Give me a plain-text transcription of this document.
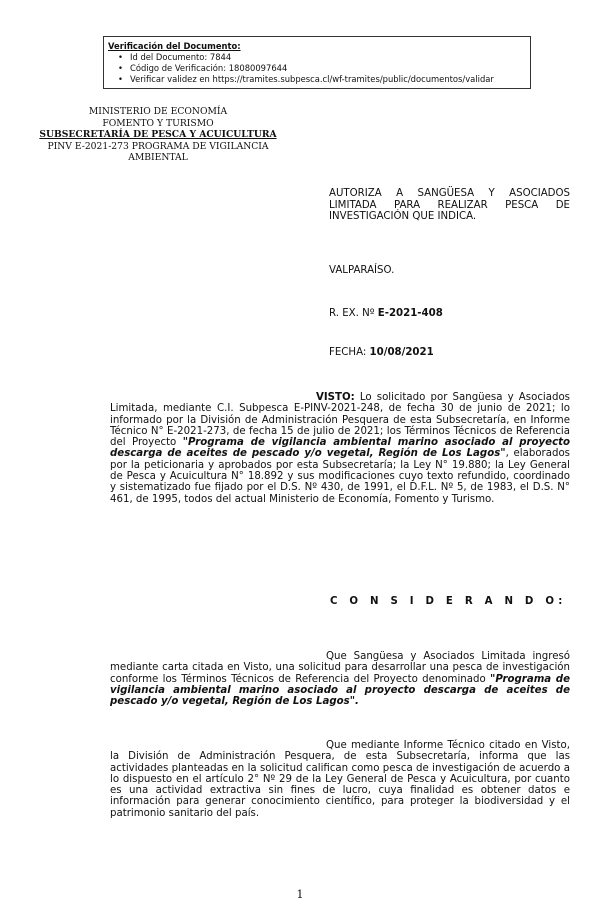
Verificación del Documento:
• Id del Documento: 7844
• Código de Verificación: 18080097644
• Verificar validez en https://tramites.subpesca.cl/wf-tramites/public/documentos/validar
MINISTERIO DE ECONOMÍA
FOMENTO Y TURISMO
SUBSECRETARÍA DE PESCA Y ACUICULTURA
PINV E-2021-273 PROGRAMA DE VIGILANCIA
AMBIENTAL
AUTORIZA A SANGÜESA Y ASOCIADOS LIMITADA PARA REALIZAR PESCA DE INVESTIGACIÓN QUE INDICA.
VALPARAÍSO.
R. EX. Nº E-2021-408
FECHA: 10/08/2021
VISTO: Lo solicitado por Sangüesa y Asociados Limitada, mediante C.I. Subpesca E-PINV-2021-248, de fecha 30 de junio de 2021; lo informado por la División de Administración Pesquera de esta Subsecretaría, en Informe Técnico N° E-2021-273, de fecha 15 de julio de 2021; los Términos Técnicos de Referencia del Proyecto "Programa de vigilancia ambiental marino asociado al proyecto descarga de aceites de pescado y/o vegetal, Región de Los Lagos", elaborados por la peticionaria y aprobados por esta Subsecretaría; la Ley N° 19.880; la Ley General de Pesca y Acuicultura N° 18.892 y sus modificaciones cuyo texto refundido, coordinado y sistematizado fue fijado por el D.S. Nº 430, de 1991, el D.F.L. Nº 5, de 1983, el D.S. N° 461, de 1995, todos del actual Ministerio de Economía, Fomento y Turismo.
C O N S I D E R A N D O:
Que Sangüesa y Asociados Limitada ingresó mediante carta citada en Visto, una solicitud para desarrollar una pesca de investigación conforme los Términos Técnicos de Referencia del Proyecto denominado "Programa de vigilancia ambiental marino asociado al proyecto descarga de aceites de pescado y/o vegetal, Región de Los Lagos".
Que mediante Informe Técnico citado en Visto, la División de Administración Pesquera, de esta Subsecretaría, informa que las actividades planteadas en la solicitud califican como pesca de investigación de acuerdo a lo dispuesto en el artículo 2° Nº 29 de la Ley General de Pesca y Acuicultura, por cuanto es una actividad extractiva sin fines de lucro, cuya finalidad es obtener datos e información para generar conocimiento científico, para proteger la biodiversidad y el patrimonio sanitario del país.
1
